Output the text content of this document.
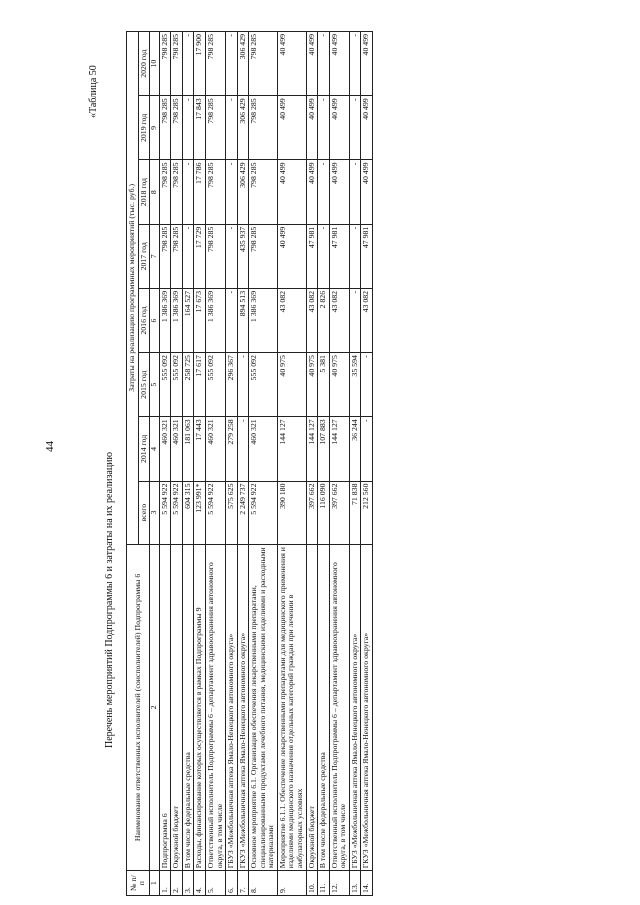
44
«Таблица 50
Перечень мероприятий Подпрограммы 6 и затраты на их реализацию
№ п/п	Наименование ответственных исполнителей (соисполнителей) Подпрограммы 6	Затраты на реализацию программных мероприятий (тыс. руб.)							
		всего	2014 год	2015 год	2016 год	2017 год	2018 год	2019 год	2020 год
1	2	3	4	5	6	7	8	9	10
1.	Подпрограмма 6	5 594 922	460 321	555 092	1 386 369	798 285	798 285	798 285	798 285
2.	Окружной бюджет	5 594 922	460 321	555 092	1 386 369	798 285	798 285	798 285	798 285
3.	В том числе федеральные средства	604 315	181 063	258 725	164 527	-	-	-	-
4.	Расходы, финансирование которых осуществляется в рамках Подпрограммы 9	123 991*	17 443	17 617	17 673	17 729	17 786	17 843	17 900
5.	Ответственный исполнитель Подпрограммы 6 – департамент здравоохранения автономного округа, в том числе	5 594 922	460 321	555 092	1 386 369	798 285	798 285	798 285	798 285
6.	ГБУЗ «Межбольничная аптека Ямало-Ненецкого автономного округа»	575 625	279 258	296 367	-	-	-	-	-
7.	ГКУЗ «Межбольничная аптека Ямало-Ненецкого автономного округа»	2 249 737	-	-	894 513	435 937	306 429	306 429	306 429
8.	Основное мероприятие 6.1. Организация обеспечения лекарственными препаратами, специализированными продуктами лечебного питания, медицинскими изделиями и расходными материалами	5 594 922	460 321	555 092	1 386 369	798 285	798 285	798 285	798 285
9.	Мероприятие 6.1.1. Обеспечение лекарственными препаратами для медицинского применения и изделиями медицинского назначения отдельных категорий граждан при лечении в амбулаторных условиях	390 180	144 127	40 975	43 082	40 499	40 499	40 499	40 499
10.	Окружной бюджет	397 662	144 127	40 975	43 082	47 981	40 499	40 499	40 499
11.	В том числе федеральные средства	116 090	107 883	5 381	2 826	-	-	-	-
12.	Ответственный исполнитель Подпрограммы 6 – департамент здравоохранения автономного округа, в том числе	397 662	144 127	40 975	43 082	47 981	40 499	40 499	40 499
13.	ГБУЗ «Межбольничная аптека Ямало-Ненецкого автономного округа»	71 838	36 244	35 594	-	-	-	-	-
14.	ГКУЗ «Межбольничная аптека Ямало-Ненецкого автономного округа»	212 560	-	-	43 082	47 981	40 499	40 499	40 499
